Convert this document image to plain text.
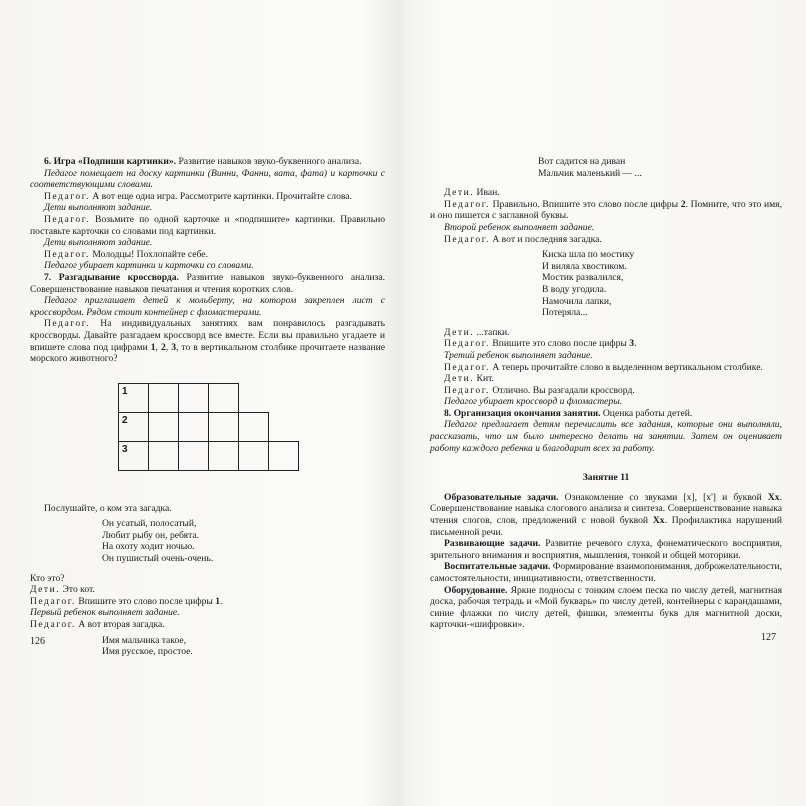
6. Игра «Подпиши картинки». Развитие навыков звуко-буквенного анализа.

Педагог помещает на доску картинки (Винни, Фанни, вата, фата) и карточки с соответствующими словами.

Педагог. А вот еще одна игра. Рассмотрите картинки. Прочитайте слова.

Дети выполняют задание.

Педагог. Возьмите по одной карточке и «подпишите» картинки. Правильно поставьте карточки со словами под картинки.

Дети выполняют задание.

Педагог. Молодцы! Похлопайте себе.

Педагог убирает картинки и карточки со словами.

7. Разгадывание кроссворда. Развитие навыков звуко-буквенного анализа. Совершенствование навыков печатания и чтения коротких слов.

Педагог приглашает детей к мольберту, на котором закреплен лист с кроссвордом. Рядом стоит контейнер с фломастерами.

Педагог. На индивидуальных занятиях вам понравилось разгадывать кроссворды. Давайте разгадаем кроссворд все вместе. Если вы правильно угадаете и впишете слова под цифрами 1, 2, 3, то в вертикальном столбике прочитаете название морского животного?

1
2
3

Послушайте, о ком эта загадка.

Он усатый, полосатый,
Любит рыбу он, ребята.
На охоту ходит ночью.
Он пушистый очень-очень.

Кто это?

Дети. Это кот.

Педагог. Впишите это слово после цифры 1.

Первый ребенок выполняет задание.

Педагог. А вот вторая загадка.

Имя мальчика такое,
Имя русское, простое.
126
Вот садится на диван
Мальчик маленький — ...

Дети. Иван.

Педагог. Правильно. Впишите это слово после цифры 2. Помните, что это имя, и оно пишется с заглавной буквы.

Второй ребенок выполняет задание.

Педагог. А вот и последняя загадка.

Киска шла по мостику
И виляла хвостиком.
Мостик развалился,
В воду угодила.
Намочила лапки,
Потеряла...

Дети. ...тапки.

Педагог. Впишите это слово после цифры 3.

Третий ребенок выполняет задание.

Педагог. А теперь прочитайте слово в выделенном вертикальном столбике.

Дети. Кит.

Педагог. Отлично. Вы разгадали кроссворд.

Педагог убирает кроссворд и фломастеры.

8. Организация окончания занятия. Оценка работы детей.

Педагог предлагает детям перечислить все задания, которые они выполняли, рассказать, что им было интересно делать на занятии. Затем он оценивает работу каждого ребенка и благодарит всех за работу.

Занятие 11

Образовательные задачи. Ознакомление со звуками [х], [х'] и буквой Хх. Совершенствование навыка слогового анализа и синтеза. Совершенствование навыка чтения слогов, слов, предложений с новой буквой Хх. Профилактика нарушений письменной речи.

Развивающие задачи. Развитие речевого слуха, фонематического восприятия, зрительного внимания и восприятия, мышления, тонкой и общей моторики.

Воспитательные задачи. Формирование взаимопонимания, доброжелательности, самостоятельности, инициативности, ответственности.

Оборудование. Яркие подносы с тонким слоем песка по числу детей, магнитная доска, рабочая тетрадь и «Мой букварь» по числу детей, контейнеры с карандашами, синие флажки по числу детей, фишки, элементы букв для магнитной доски, карточки-«шифровки».

127
